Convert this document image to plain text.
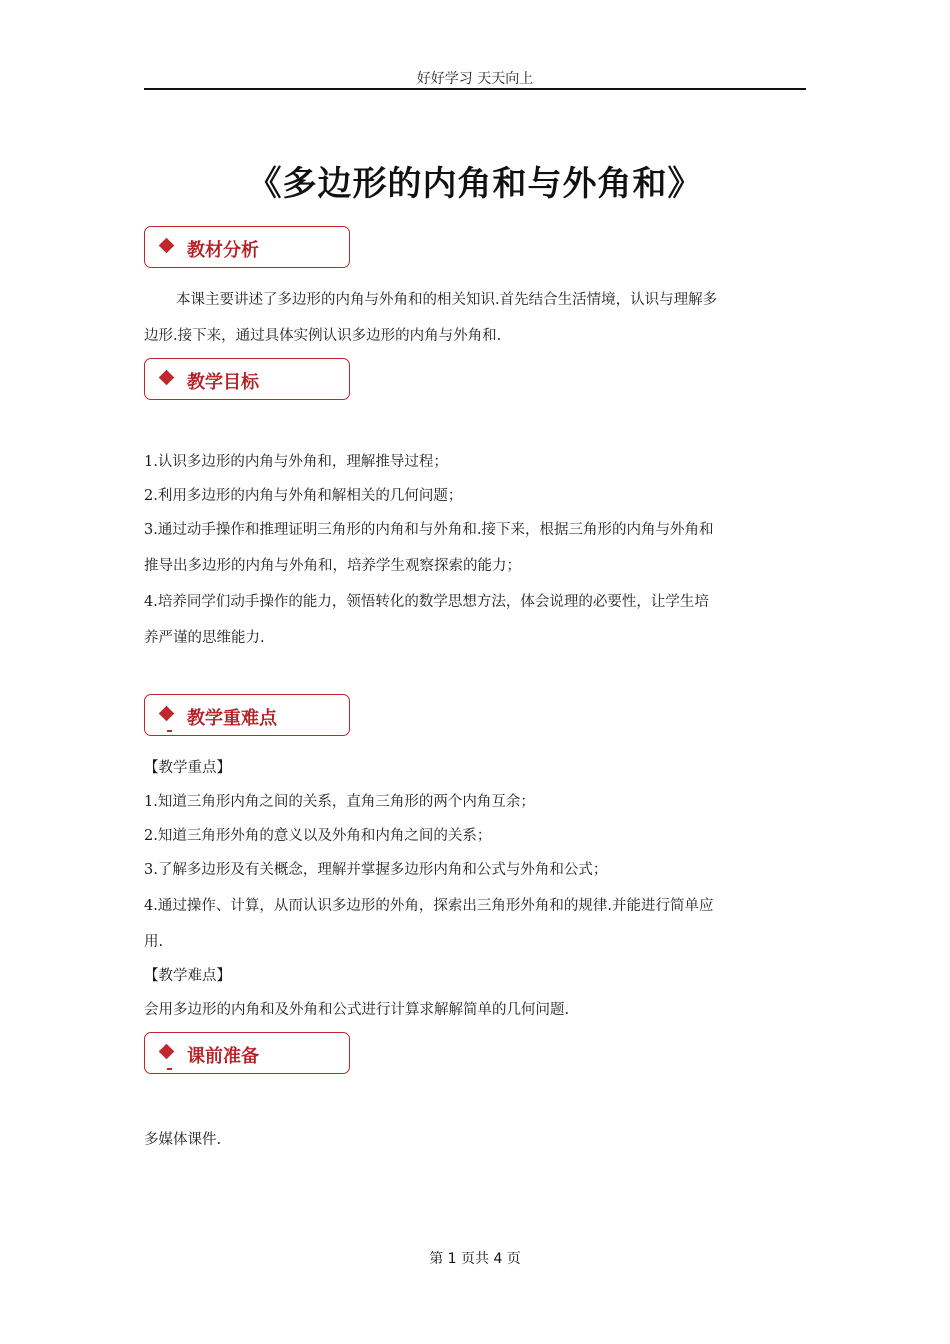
好好学习 天天向上
《多边形的内角和与外角和》
教材分析
本课主要讲述了多边形的内角与外角和的相关知识.首先结合生活情境，认识与理解多
边形.接下来，通过具体实例认识多边形的内角与外角和.
教学目标
1.认识多边形的内角与外角和，理解推导过程；
2.利用多边形的内角与外角和解相关的几何问题；
3.通过动手操作和推理证明三角形的内角和与外角和.接下来，根据三角形的内角与外角和
推导出多边形的内角与外角和，培养学生观察探索的能力；
4.培养同学们动手操作的能力，领悟转化的数学思想方法，体会说理的必要性，让学生培
养严谨的思维能力.
教学重难点
【教学重点】
1.知道三角形内角之间的关系，直角三角形的两个内角互余；
2.知道三角形外角的意义以及外角和内角之间的关系；
3.了解多边形及有关概念，理解并掌握多边形内角和公式与外角和公式；
4.通过操作、计算，从而认识多边形的外角，探索出三角形外角和的规律.并能进行简单应
用.
【教学难点】
会用多边形的内角和及外角和公式进行计算求解解简单的几何问题.
课前准备
多媒体课件.
第 1 页共 4 页
